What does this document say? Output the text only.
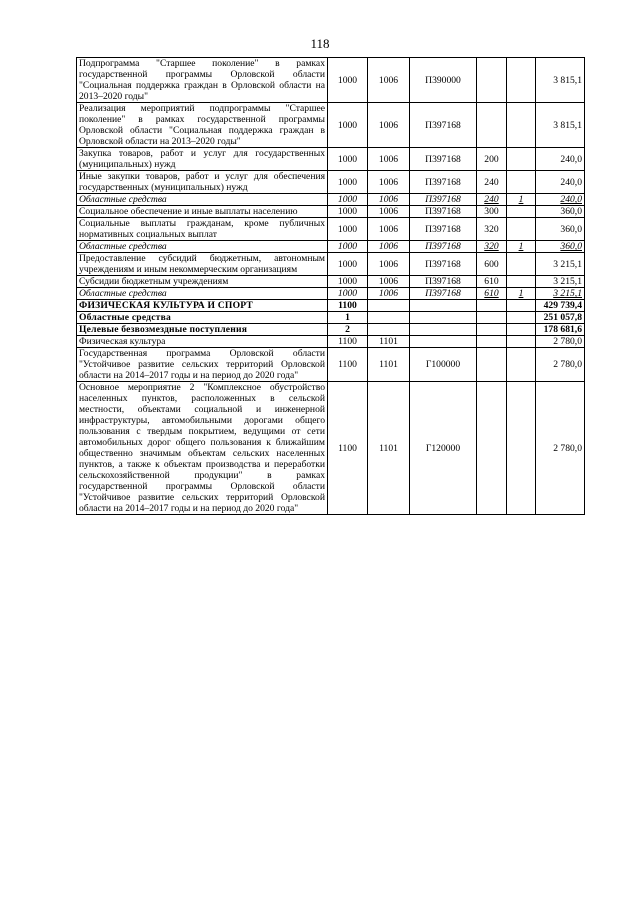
118
Подпрограмма "Старшее поколение" в рамках государственной программы Орловской области "Социальная поддержка граждан в Орловской области на 2013–2020 годы"	1000	1006	П390000			3 815,1
Реализация мероприятий подпрограммы "Старшее поколение" в рамках государственной программы Орловской области "Социальная поддержка граждан в Орловской области на 2013–2020 годы"	1000	1006	П397168			3 815,1
Закупка товаров, работ и услуг для государственных (муниципальных) нужд	1000	1006	П397168	200		240,0
Иные закупки товаров, работ и услуг для обеспечения государственных (муниципальных) нужд	1000	1006	П397168	240		240,0
Областные средства	1000	1006	П397168	240	1	240,0
Социальное обеспечение и иные выплаты населению	1000	1006	П397168	300		360,0
Социальные выплаты гражданам, кроме публичных нормативных социальных выплат	1000	1006	П397168	320		360,0
Областные средства	1000	1006	П397168	320	1	360,0
Предоставление субсидий бюджетным, автономным учреждениям и иным некоммерческим организациям	1000	1006	П397168	600		3 215,1
Субсидии бюджетным учреждениям	1000	1006	П397168	610		3 215,1
Областные средства	1000	1006	П397168	610	1	3 215,1
ФИЗИЧЕСКАЯ КУЛЬТУРА И СПОРТ	1100					429 739,4
Областные средства	1					251 057,8
Целевые безвозмездные поступления	2					178 681,6
Физическая культура	1100	1101				2 780,0
Государственная программа Орловской области "Устойчивое развитие сельских территорий Орловской области на 2014–2017 годы и на период до 2020 года"	1100	1101	Г100000			2 780,0
Основное мероприятие 2 "Комплексное обустройство населенных пунктов, расположенных в сельской местности, объектами социальной и инженерной инфраструктуры, автомобильными дорогами общего пользования с твердым покрытием, ведущими от сети автомобильных дорог общего пользования к ближайшим общественно значимым объектам сельских населенных пунктов, а также к объектам производства и переработки сельскохозяйственной продукции" в рамках государственной программы Орловской области "Устойчивое развитие сельских территорий Орловской области на 2014–2017 годы и на период до 2020 года"	1100	1101	Г120000			2 780,0
